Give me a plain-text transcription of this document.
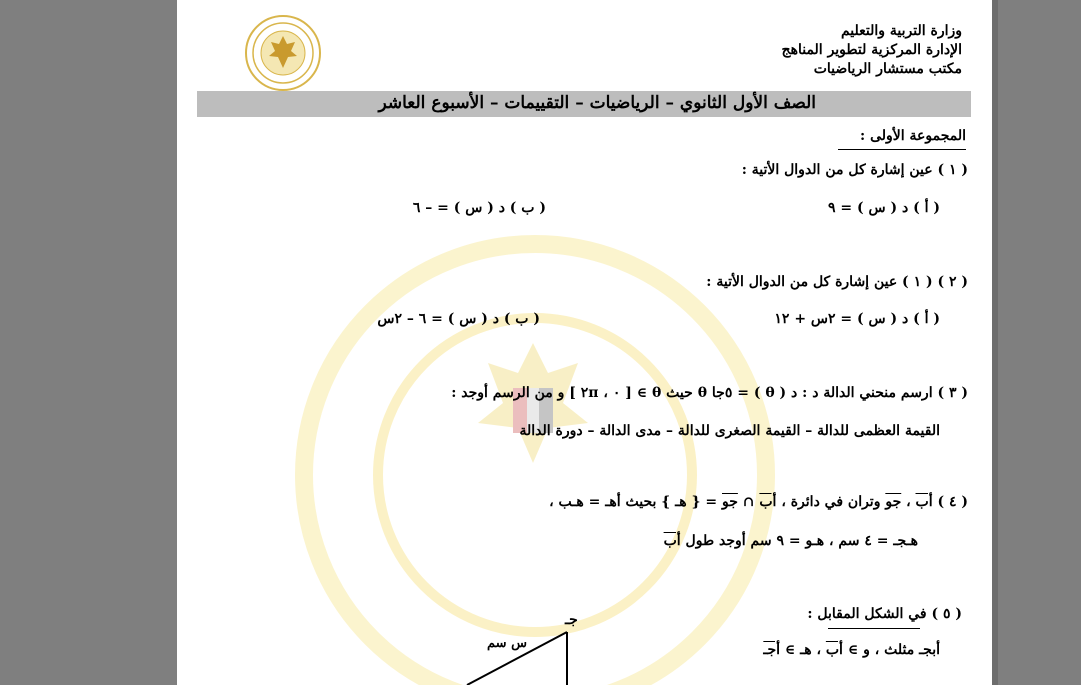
وزارة التربية والتعليم
الإدارة المركزية لتطوير المناهج
مكتب مستشار الرياضيات
الصف الأول الثانوي – الرياضيات – التقييمات – الأسبوع العاشر
المجموعة الأولى :
( ١ ) عين إشارة كل من الدوال الأتية :
( أ ) د ( س ) = ٩
( ب ) د ( س ) = – ٦
( ٢ ) ( ١ ) عين إشارة كل من الدوال الأتية :
( أ ) د ( س ) = ٢س + ١٢
( ب ) د ( س ) = ٦ – ٢س
( ٣ ) ارسم منحني الدالة د : د ( θ ) = ٥جا θ حيث θ ∋ [ ٠ ، ٢π ] و من الرسم أوجد :
القيمة العظمى للدالة – القيمة الصغرى للدالة – مدى الدالة – دورة الدالة
( ٤ ) أب ، جو وتران في دائرة ، أب ∩ جو = { هـ } بحيث أهـ = هـب ،
هـجـ = ٤ سم ، هـو = ٩ سم أوجد طول أب
( ٥ ) في الشكل المقابل :
أبجـ مثلث ، و ∋ أب ، هـ ∋ أجـ
جـ
س سم
